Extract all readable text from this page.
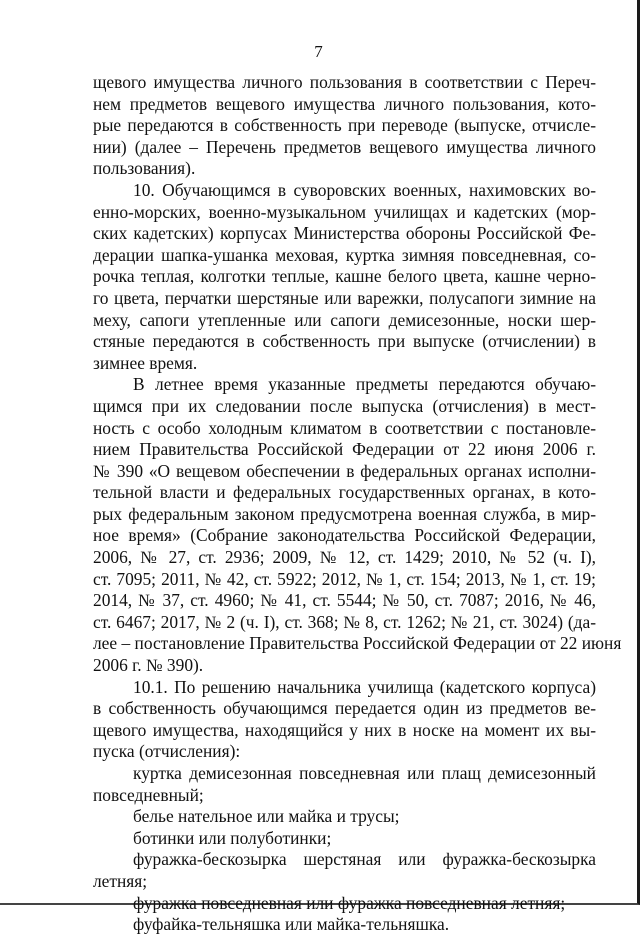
7
щевого имущества личного пользования в соответствии с Переч-
нем предметов вещевого имущества личного пользования, кото-
рые передаются в собственность при переводе (выпуске, отчисле-
нии) (далее – Перечень предметов вещевого имущества личного
пользования).
10. Обучающимся в суворовских военных, нахимовских во-
енно-морских, военно-музыкальном училищах и кадетских (мор-
ских кадетских) корпусах Министерства обороны Российской Фе-
дерации шапка-ушанка меховая, куртка зимняя повседневная, со-
рочка теплая, колготки теплые, кашне белого цвета, кашне черно-
го цвета, перчатки шерстяные или варежки, полусапоги зимние на
меху, сапоги утепленные или сапоги демисезонные, носки шер-
стяные передаются в собственность при выпуске (отчислении) в
зимнее время.
В летнее время указанные предметы передаются обучаю-
щимся при их следовании после выпуска (отчисления) в мест-
ность с особо холодным климатом в соответствии с постановле-
нием Правительства Российской Федерации от 22 июня 2006 г.
№ 390 «О вещевом обеспечении в федеральных органах исполни-
тельной власти и федеральных государственных органах, в кото-
рых федеральным законом предусмотрена военная служба, в мир-
ное время» (Собрание законодательства Российской Федерации,
2006, № 27, ст. 2936; 2009, № 12, ст. 1429; 2010, № 52 (ч. I),
ст. 7095; 2011, № 42, ст. 5922; 2012, № 1, ст. 154; 2013, № 1, ст. 19;
2014, № 37, ст. 4960; № 41, ст. 5544; № 50, ст. 7087; 2016, № 46,
ст. 6467; 2017, № 2 (ч. I), ст. 368; № 8, ст. 1262; № 21, ст. 3024) (да-
лее – постановление Правительства Российской Федерации от 22 июня
2006 г. № 390).
10.1. По решению начальника училища (кадетского корпуса)
в собственность обучающимся передается один из предметов ве-
щевого имущества, находящийся у них в носке на момент их вы-
пуска (отчисления):
куртка демисезонная повседневная или плащ демисезонный
повседневный;
белье нательное или майка и трусы;
ботинки или полуботинки;
фуражка-бескозырка шерстяная или фуражка-бескозырка
летняя;
фуражка повседневная или фуражка повседневная летняя;
фуфайка-тельняшка или майка-тельняшка.
